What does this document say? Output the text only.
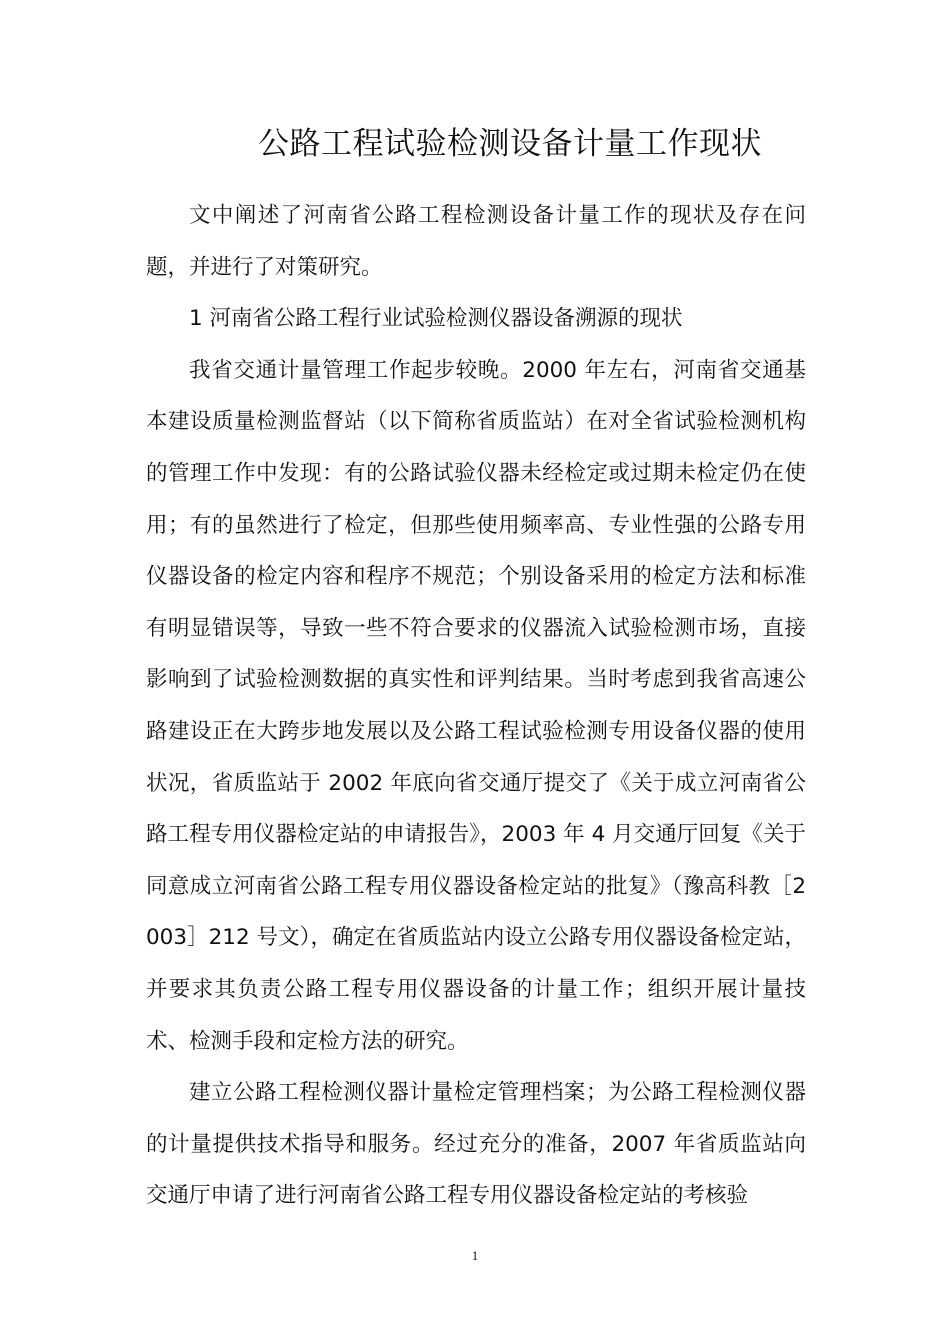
公路工程试验检测设备计量工作现状

文中阐述了河南省公路工程检测设备计量工作的现状及存在问题，并进行了对策研究。

1 河南省公路工程行业试验检测仪器设备溯源的现状

我省交通计量管理工作起步较晚。2000 年左右，河南省交通基本建设质量检测监督站（以下简称省质监站）在对全省试验检测机构的管理工作中发现：有的公路试验仪器未经检定或过期未检定仍在使用；有的虽然进行了检定，但那些使用频率高、专业性强的公路专用仪器设备的检定内容和程序不规范；个别设备采用的检定方法和标准有明显错误等，导致一些不符合要求的仪器流入试验检测市场，直接影响到了试验检测数据的真实性和评判结果。当时考虑到我省高速公路建设正在大跨步地发展以及公路工程试验检测专用设备仪器的使用状况，省质监站于 2002 年底向省交通厅提交了《关于成立河南省公路工程专用仪器检定站的申请报告》，2003 年 4 月交通厅回复《关于同意成立河南省公路工程专用仪器设备检定站的批复》（豫高科教［2003］212 号文），确定在省质监站内设立公路专用仪器设备检定站，并要求其负责公路工程专用仪器设备的计量工作；组织开展计量技术、检测手段和定检方法的研究。

建立公路工程检测仪器计量检定管理档案；为公路工程检测仪器的计量提供技术指导和服务。经过充分的准备，2007 年省质监站向交通厅申请了进行河南省公路工程专用仪器设备检定站的考核验

1
